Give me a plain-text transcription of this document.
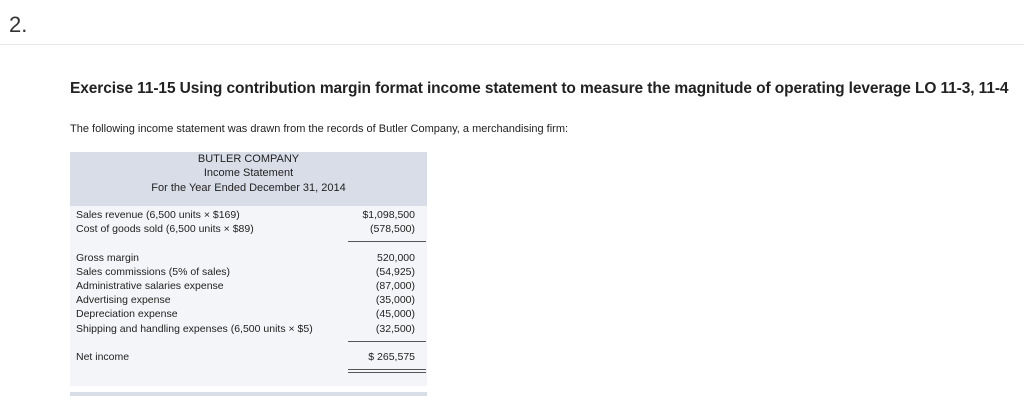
2.
Exercise 11-15 Using contribution margin format income statement to measure the magnitude of operating leverage LO 11-3, 11-4
The following income statement was drawn from the records of Butler Company, a merchandising firm:
BUTLER COMPANY
Income Statement
For the Year Ended December 31, 2014
Sales revenue (6,500 units × $169)	$1,098,500
Cost of goods sold (6,500 units × $89)	(578,500)
Gross margin	520,000
Sales commissions (5% of sales)	(54,925)
Administrative salaries expense	(87,000)
Advertising expense	(35,000)
Depreciation expense	(45,000)
Shipping and handling expenses (6,500 units × $5)	(32,500)
Net income	$ 265,575
